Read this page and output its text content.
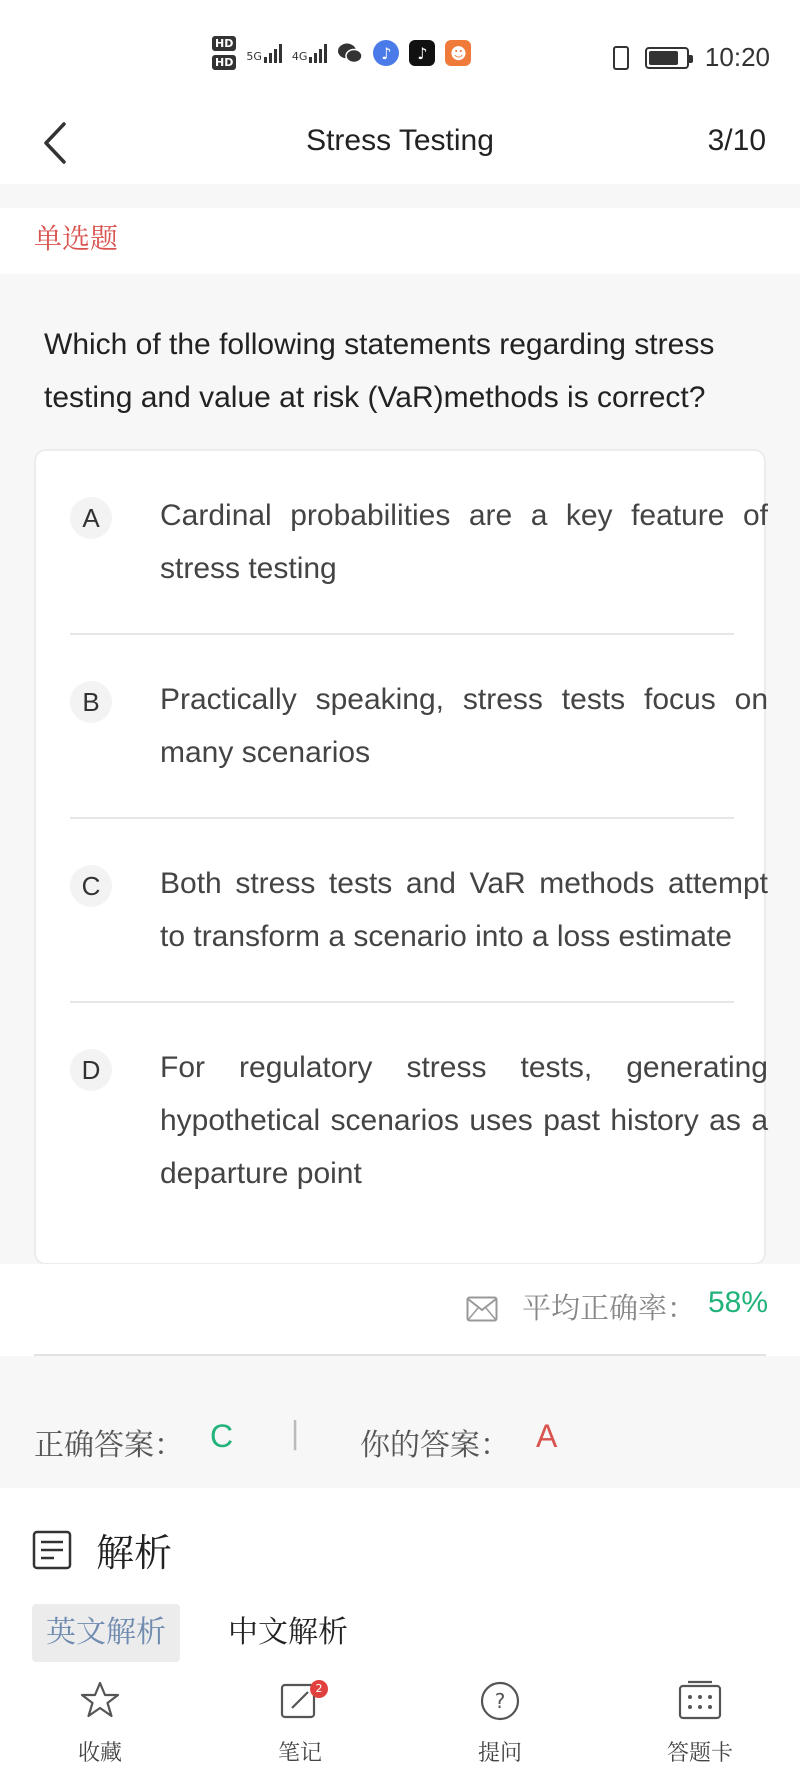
HD
HD 5G	4G	♪	♪	☻	10:20
Stress Testing	3/10
单选题
Which of the following statements regarding stress testing and value at risk (VaR)methods is correct?
A	Cardinal probabilities are a key feature of stress testing
B	Practically speaking, stress tests focus on many scenarios
C	Both stress tests and VaR methods attempt to transform a scenario into a loss estimate
D	For regulatory stress tests, generating hypothetical scenarios uses past history as a departure point
平均正确率： 58%
正确答案： C | 你的答案： A
解析
英文解析	中文解析
收藏
2
笔记
?
提问	答题卡
